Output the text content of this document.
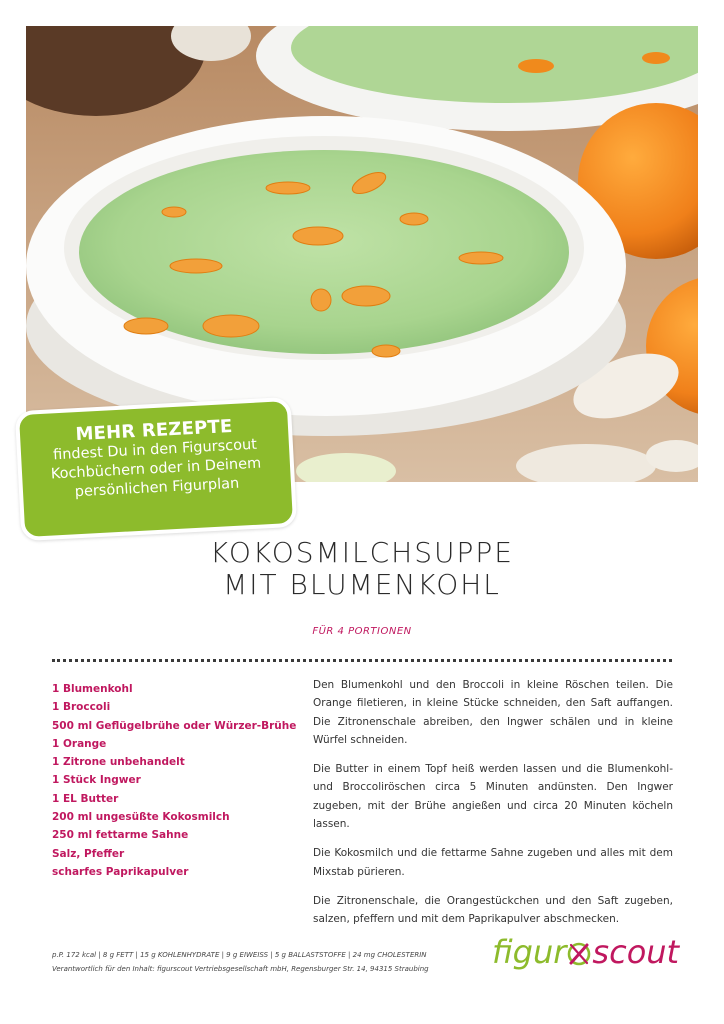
MEHR REZEPTE
findest Du in den Figurscout
Kochbüchern oder in Deinem
persönlichen Figurplan
KOKOSMILCHSUPPE
MIT BLUMENKOHL
FÜR 4 PORTIONEN
1 Blumenkohl
1 Broccoli
500 ml Geflügelbrühe oder Würzer-Brühe
1 Orange
1 Zitrone unbehandelt
1 Stück Ingwer
1 EL Butter
200 ml ungesüßte Kokosmilch
250 ml fettarme Sahne
Salz, Pfeffer
scharfes Paprikapulver

Den Blumenkohl und den Broccoli in kleine Röschen teilen. Die Orange filetieren, in kleine Stücke schneiden, den Saft auffangen. Die Zitronenschale abreiben, den Ingwer schälen und in kleine Würfel schneiden.

Die Butter in einem Topf heiß werden lassen und die Blumenkohl- und Broccoliröschen circa 5 Minuten andünsten. Den Ingwer zugeben, mit der Brühe angießen und circa 20 Minuten köcheln lassen.

Die Kokosmilch und die fettarme Sahne zugeben und alles mit dem Mixstab pürieren.

Die Zitronenschale, die Orangestückchen und den Saft zugeben, salzen, pfeffern und mit dem Paprikapulver abschmecken.

p.P. 172 kcal | 8 g FETT | 15 g KOHLENHYDRATE | 9 g EIWEISS | 5 g BALLASTSTOFFE | 24 mg CHOLESTERIN
Verantwortlich für den Inhalt: figurscout Vertriebsgesellschaft mbH, Regensburger Str. 14, 94315 Straubing	figur scout
